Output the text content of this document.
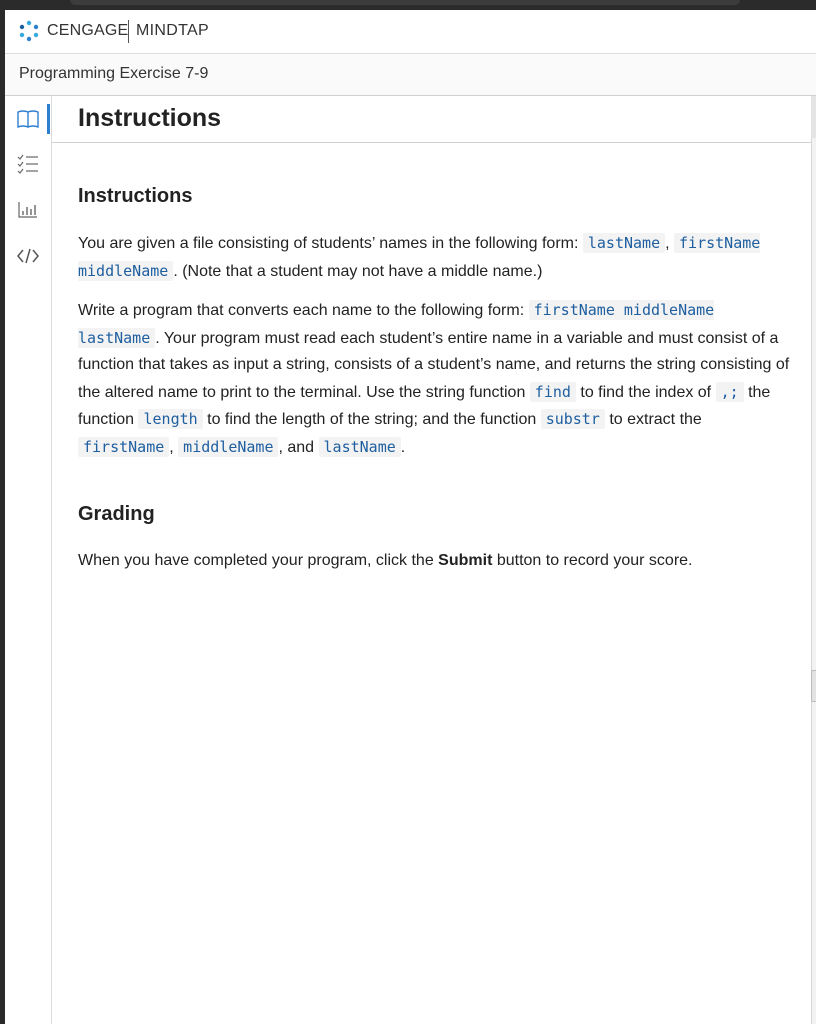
CENGAGE MINDTAP
Programming Exercise 7-9
Instructions
Instructions

You are given a file consisting of students’ names in the following form: lastName , firstName middleName . (Note that a student may not have a middle name.)

Write a program that converts each name to the following form: firstName middleName lastName . Your program must read each student’s entire name in a variable and must consist of a function that takes as input a string, consists of a student’s name, and returns the string consisting of the altered name to print to the terminal. Use the string function find to find the index of ,; the function length to find the length of the string; and the function substr to extract the firstName , middleName , and lastName .

Grading

When you have completed your program, click the Submit button to record your score.
